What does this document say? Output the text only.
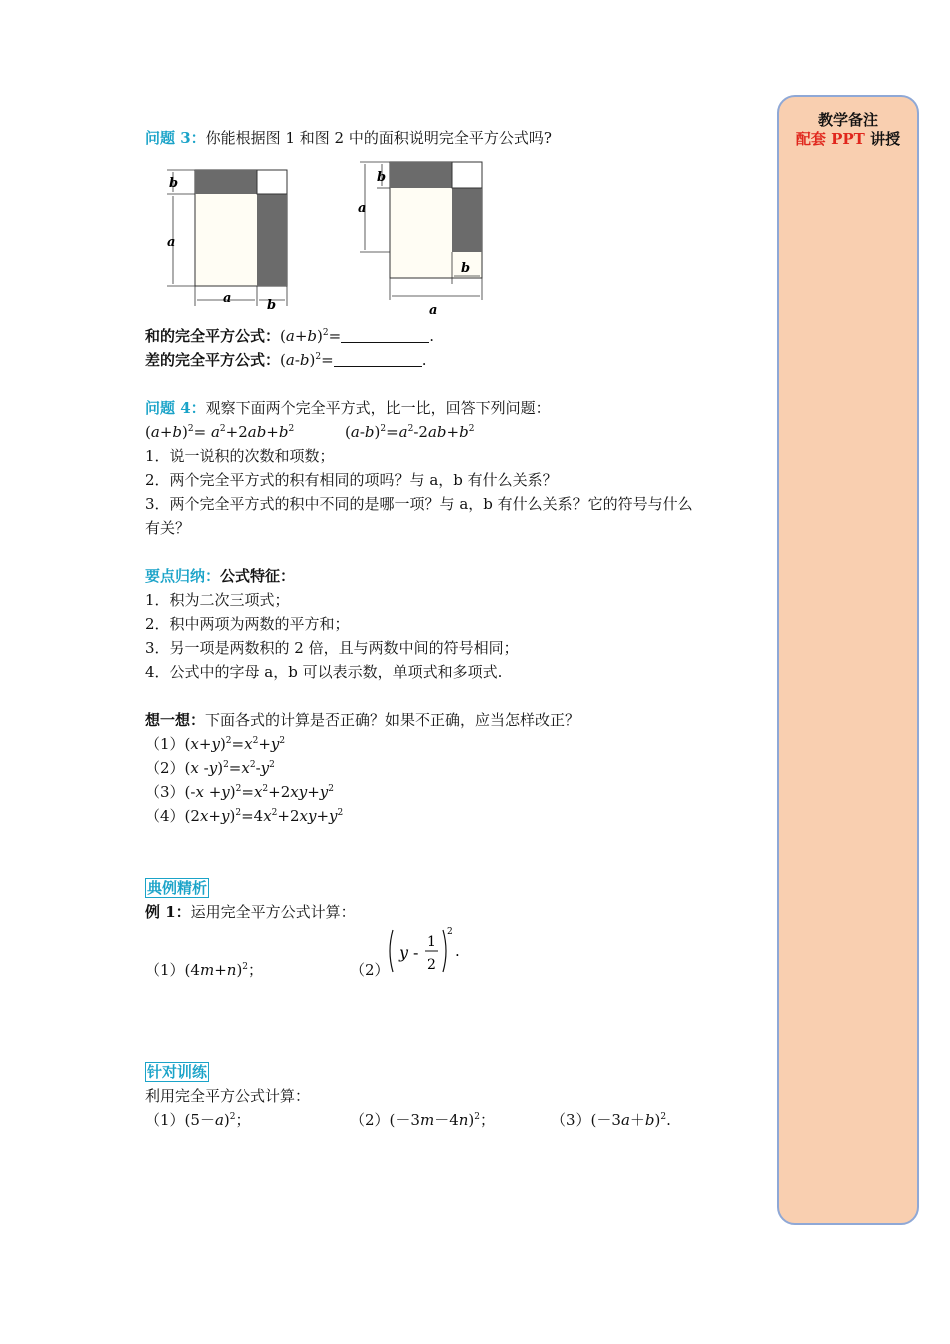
问题 3：你能根据图 1 和图 2 中的面积说明完全平方公式吗?
b
a
a	b
b
a
b
a
和的完全平方公式：$(a+b)^2=$	.
差的完全平方公式：$(a-b)^2=$	.
问题 4：观察下面两个完全平方式，比一比，回答下列问题：
$(a+b)^2= a^2+2ab+b^2$	$(a-b)^2=a^2-2ab+b^2$
1．说一说积的次数和项数；
2．两个完全平方式的积有相同的项吗？与 a，b 有什么关系？
3．两个完全平方式的积中不同的是哪一项？与 a，b 有什么关系？它的符号与什么
有关？
要点归纳：公式特征：
1．积为二次三项式；
2．积中两项为两数的平方和；
3．另一项是两数积的 2 倍，且与两数中间的符号相同；
4．公式中的字母 a，b 可以表示数，单项式和多项式.
想一想：下面各式的计算是否正确？如果不正确，应当怎样改正？
$(1)(x+y)^2=x^2+y^2$
（2）(x $-y)^2=x^2-y^2$
$(3)(-x +y)^2=x^2+2xy+y^2$
$(4)(2x+y)^2=4x^2+2xy+y^2$
典例精析
例 1：运用完全平方公式计算：
$(1)(4m+n)^2$；	（2）
y -
1
2
2
.
针对训练
利用完全平方公式计算：
$(1)(5-a)^2$；	$(2)(-3m-4n)^2$；	$(3)(-3a+b)^2$.
教学备注
配套 PPT 讲授
